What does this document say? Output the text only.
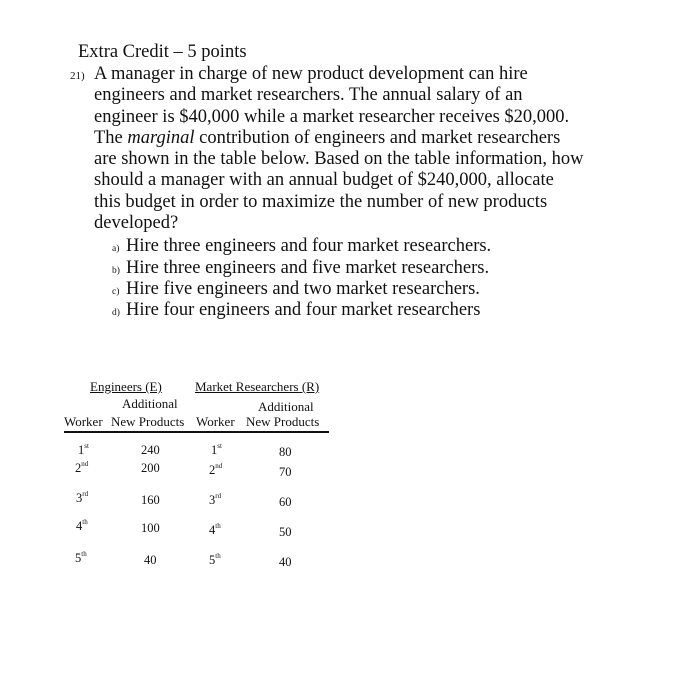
Extra Credit – 5 points
21) A manager in charge of new product development can hire
engineers and market researchers. The annual salary of an
engineer is $40,000 while a market researcher receives $20,000.
The marginal contribution of engineers and market researchers
are shown in the table below. Based on the table information, how
should a manager with an annual budget of $240,000, allocate
this budget in order to maximize the number of new products
developed?
a) Hire three engineers and four market researchers.
b) Hire three engineers and five market researchers.
c) Hire five engineers and two market researchers.
d) Hire four engineers and four market researchers
Engineers (E)	Market Researchers (R)
Additional	Additional
Worker New Products Worker New Products
1st	240	1st	80
2nd	200	2nd	70
3rd	160	3rd	60
4th	100	4th	50
5th	40	5th	40
